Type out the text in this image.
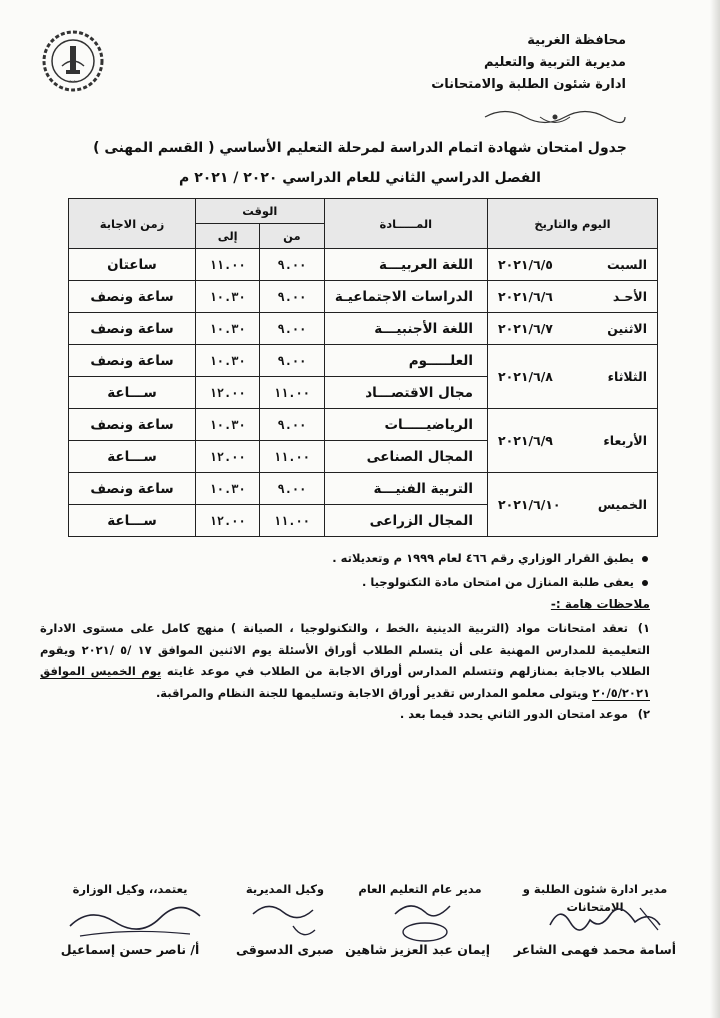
~~~~
محافظة الغربية
مديرية التربية والتعليم
ادارة شئون الطلبة والامتحانات
جدول امتحان شهادة اتمام الدراسة لمرحلة التعليم الأساسي ( القسم المهنى )
الفصل الدراسي الثاني للعام الدراسي ٢٠٢٠ / ٢٠٢١ م
اليوم والتاريخ	المـــــادة	الوقت		زمن الاجابة
		من	إلى	

السبت
٢٠٢١/٦/٥	اللغة العربيـــة	٩.٠٠	١١.٠٠	ساعتان

الأحـد
٢٠٢١/٦/٦	الدراسات الاجتماعيـة	٩.٠٠	١٠.٣٠	ساعة ونصف

الاثنين
٢٠٢١/٦/٧	اللغة الأجنبيـــة	٩.٠٠	١٠.٣٠	ساعة ونصف

الثلاثاء
٢٠٢١/٦/٨	العلـــــوم	٩.٠٠	١٠.٣٠	ساعة ونصف
	مجال الاقتصـــاد	١١.٠٠	١٢.٠٠	ســـاعة

الأربعاء
٢٠٢١/٦/٩	الرياضيـــــات	٩.٠٠	١٠.٣٠	ساعة ونصف
	المجال الصناعى	١١.٠٠	١٢.٠٠	ســـاعة

الخميس
٢٠٢١/٦/١٠	التربية الفنيـــة	٩.٠٠	١٠.٣٠	ساعة ونصف
	المجال الزراعى	١١.٠٠	١٢.٠٠	ســـاعة
يطبق القرار الوزاري رقم ٤٦٦ لعام ١٩٩٩ م وتعديلاته .
يعفى طلبة المنازل من امتحان مادة التكنولوجيا .
ملاحظات هامة :-
١)تعقد امتحانات مواد (التربية الدينية ،الخط ، والتكنولوجيا ، الصيانة ) منهج كامل على مستوى الادارة التعليمية للمدارس المهنية على أن يتسلم الطلاب أوراق الأسئلة يوم الاثنين الموافق ١٧ /٥ /٢٠٢١ ويقوم الطلاب بالاجابة بمنازلهم وتتسلم المدارس أوراق الاجابة من الطلاب في موعد غايته يوم الخميس الموافق ٢٠/٥/٢٠٢١ ويتولى معلمو المدارس تقدير أوراق الاجابة وتسليمها للجنة النظام والمراقبة.
٢)موعد امتحان الدور الثاني يحدد فيما بعد .
مدير ادارة شئون الطلبة و الامتحانات
أسامة محمد فهمى الشاعر
مدير عام التعليم العام
إيمان عبد العزيز شاهين
وكيل المديرية
صبرى الدسوقى
يعتمد،، وكيل الوزارة
أ/ ناصر حسن إسماعيل
